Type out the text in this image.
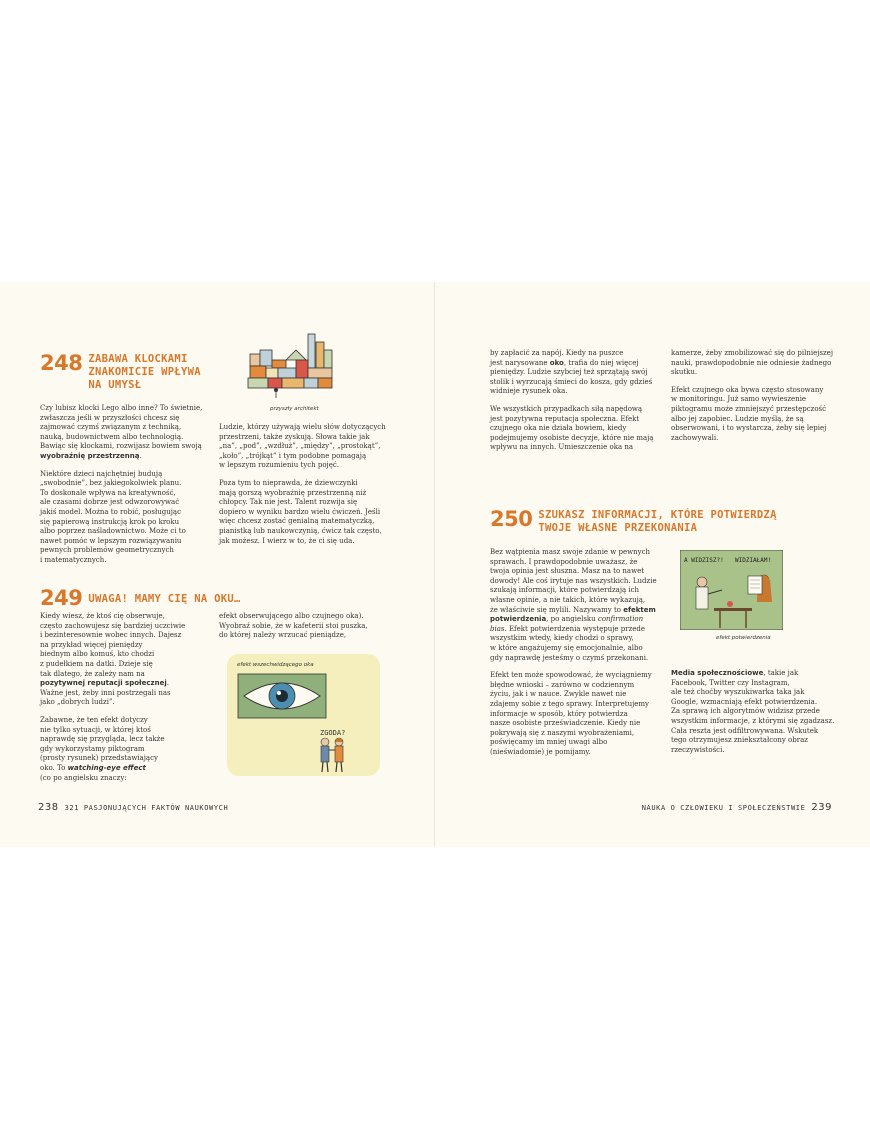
248 ZABAWA KLOCKAMI
ZNAKOMICIE WPŁYWA
NA UMYSŁ
przyszły architekt

Czy lubisz klocki Lego albo inne? To świetnie,
zwłaszcza jeśli w przyszłości chcesz się
zajmować czymś związanym z techniką,
nauką, budownictwem albo technologią.
Bawiąc się klockami, rozwijasz bowiem swoją
wyobraźnię przestrzenną.

Niektóre dzieci najchętniej budują
„swobodnie”, bez jakiegokolwiek planu.
To doskonale wpływa na kreatywność,
ale czasami dobrze jest odwzorowywać
jakiś model. Można to robić, posługując
się papierową instrukcją krok po kroku
albo poprzez naśladownictwo. Może ci to
nawet pomóc w lepszym rozwiązywaniu
pewnych problemów geometrycznych
i matematycznych.

Ludzie, którzy używają wielu słów dotyczących
przestrzeni, także zyskują. Słowa takie jak
„na”, „pod”, „wzdłuż”, „między”, „prostokąt”,
„koło”, „trójkąt” i tym podobne pomagają
w lepszym rozumieniu tych pojęć.

Poza tym to nieprawda, że dziewczynki
mają gorszą wyobraźnię przestrzenną niż
chłopcy. Tak nie jest. Talent rozwija się
dopiero w wyniku bardzo wielu ćwiczeń. Jeśli
więc chcesz zostać genialną matematyczką,
pianistką lub naukowczynią, ćwicz tak często,
jak możesz. I wierz w to, że ci się uda.

249 UWAGA! MAMY CIĘ NA OKU…

Kiedy wiesz, że ktoś cię obserwuje,
często zachowujesz się bardziej uczciwie
i bezinteresownie wobec innych. Dajesz
na przykład więcej pieniędzy
biednym albo komuś, kto chodzi
z pudełkiem na datki. Dzieje się
tak dlatego, że zależy nam na
pozytywnej reputacji społecznej.
Ważne jest, żeby inni postrzegali nas
jako „dobrych ludzi”.

Zabawne, że ten efekt dotyczy
nie tylko sytuacji, w której ktoś
naprawdę się przygląda, lecz także
gdy wykorzystamy piktogram
(prosty rysunek) przedstawiający
oko. To watching-eye effect
(co po angielsku znaczy:

efekt obserwującego albo czujnego oka).
Wyobraź sobie, że w kafeterii stoi puszka,
do której należy wrzucać pieniądze,

efekt wszechwidzącego oka
ZGODA?

by zapłacić za napój. Kiedy na puszce
jest narysowane oko, trafia do niej więcej
pieniędzy. Ludzie szybciej też sprzątają swój
stolik i wyrzucają śmieci do kosza, gdy gdzieś
widnieje rysunek oka.

We wszystkich przypadkach siłą napędową
jest pozytywna reputacja społeczna. Efekt
czujnego oka nie działa bowiem, kiedy
podejmujemy osobiste decyzje, które nie mają
wpływu na innych. Umieszczenie oka na

kamerze, żeby zmobilizować się do pilniejszej
nauki, prawdopodobnie nie odniesie żadnego
skutku.

Efekt czujnego oka bywa często stosowany
w monitoringu. Już samo wywieszenie
piktogramu może zmniejszyć przestępczość
albo jej zapobiec. Ludzie myślą, że są
obserwowani, i to wystarcza, żeby się lepiej
zachowywali.

250 SZUKASZ INFORMACJI, KTÓRE POTWIERDZĄ
TWOJE WŁASNE PRZEKONANIA

Bez wątpienia masz swoje zdanie w pewnych
sprawach. I prawdopodobnie uważasz, że
twoja opinia jest słuszna. Masz na to nawet
dowody! Ale coś irytuje nas wszystkich. Ludzie
szukają informacji, które potwierdzają ich
własne opinie, a nie takich, które wykazują,
że właściwie się mylili. Nazywamy to efektem
potwierdzenia, po angielsku confirmation
bias. Efekt potwierdzenia występuje przede
wszystkim wtedy, kiedy chodzi o sprawy,
w które angażujemy się emocjonalnie, albo
gdy naprawdę jesteśmy o czymś przekonani.

Efekt ten może spowodować, że wyciągniemy
błędne wnioski – zarówno w codziennym
życiu, jak i w nauce. Zwykle nawet nie
zdajemy sobie z tego sprawy. Interpretujemy
informacje w sposób, który potwierdza
nasze osobiste przeświadczenie. Kiedy nie
pokrywają się z naszymi wyobrażeniami,
poświęcamy im mniej uwagi albo
(nieświadomie) je pomijamy.

A WIDZISZ?! WIDZIAŁAM!
efekt potwierdzenia

Media społecznościowe, takie jak
Facebook, Twitter czy Instagram,
ale też choćby wyszukiwarka taka jak
Google, wzmacniają efekt potwierdzenia.
Za sprawą ich algorytmów widzisz przede
wszystkim informacje, z którymi się zgadzasz.
Cała reszta jest odfiltrowywana. Wskutek
tego otrzymujesz zniekształcony obraz
rzeczywistości.

238 321 PASJONUJĄCYCH FAKTÓW NAUKOWYCH	NAUKA O CZŁOWIEKU I SPOŁECZEŃSTWIE 239
